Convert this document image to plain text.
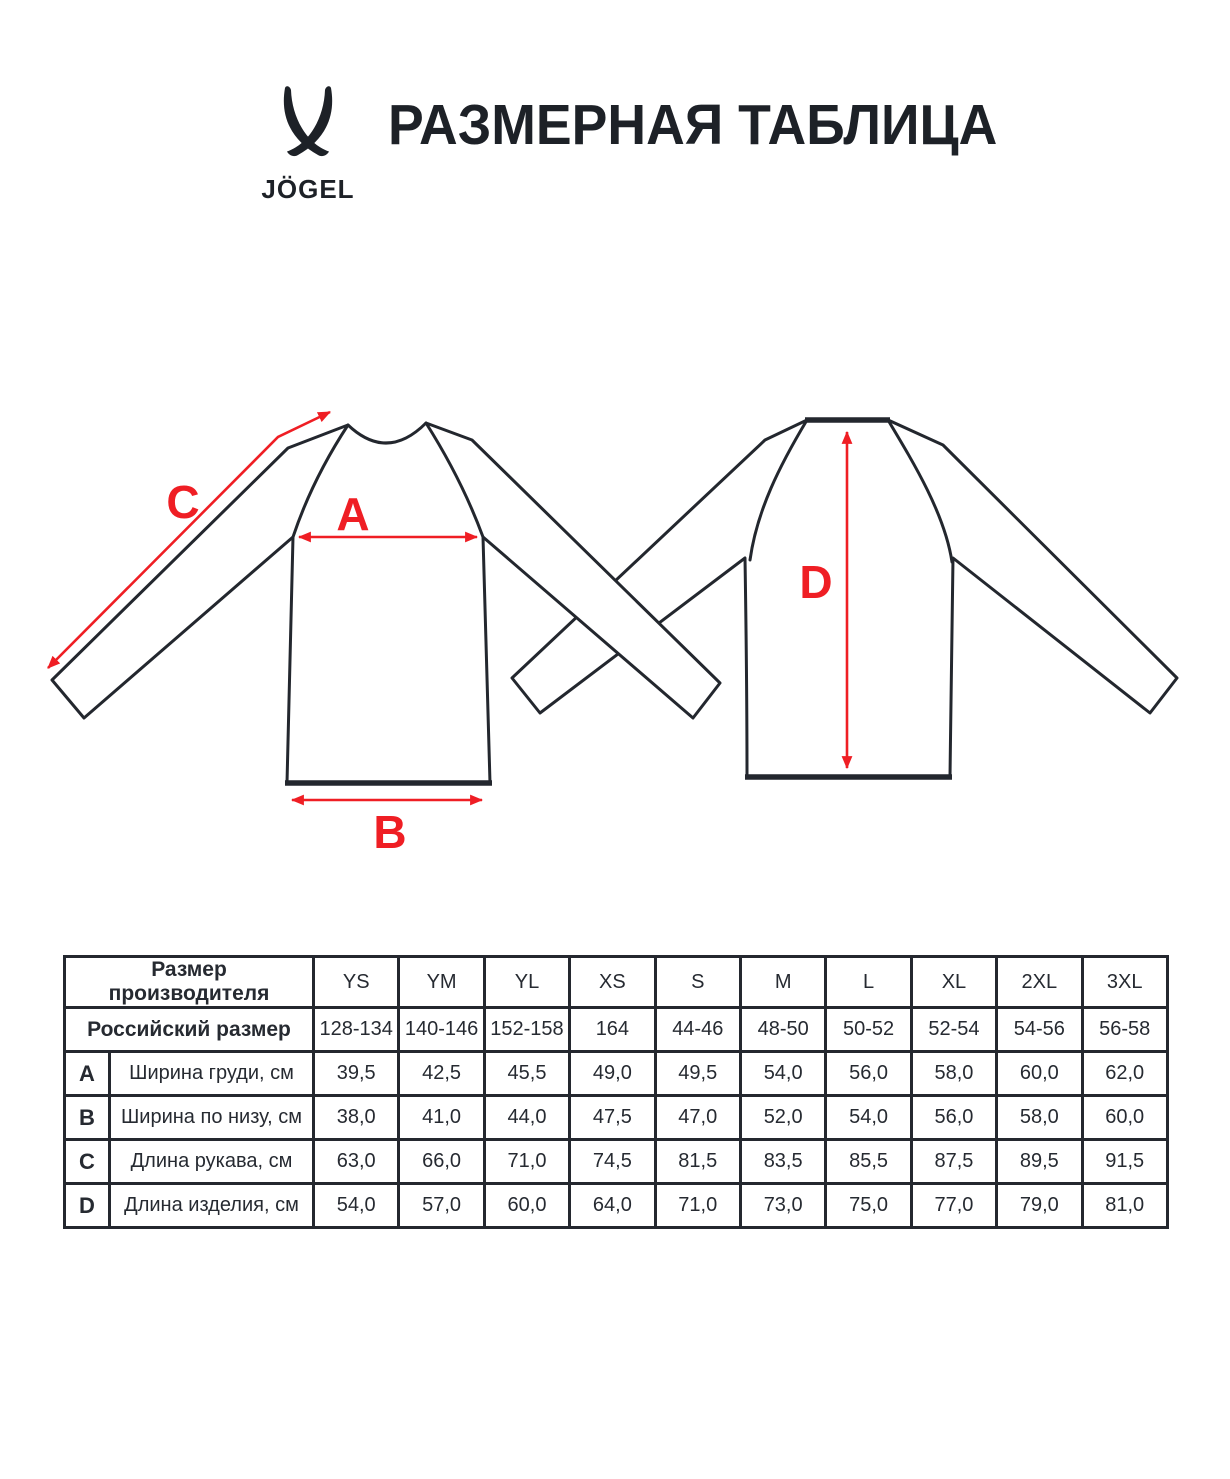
JÖGEL
РАЗМЕРНАЯ ТАБЛИЦА
A
B
C
D
Размер производителя		YS	YM	YL	XS	S	M	L	XL	2XL	3XL
Российский размер		128-134	140-146	152-158	164	44-46	48-50	50-52	52-54	54-56	56-58
A	Ширина груди, см	39,5	42,5	45,5	49,0	49,5	54,0	56,0	58,0	60,0	62,0
B	Ширина по низу, см	38,0	41,0	44,0	47,5	47,0	52,0	54,0	56,0	58,0	60,0
C	Длина рукава, см	63,0	66,0	71,0	74,5	81,5	83,5	85,5	87,5	89,5	91,5
D	Длина изделия, см	54,0	57,0	60,0	64,0	71,0	73,0	75,0	77,0	79,0	81,0
